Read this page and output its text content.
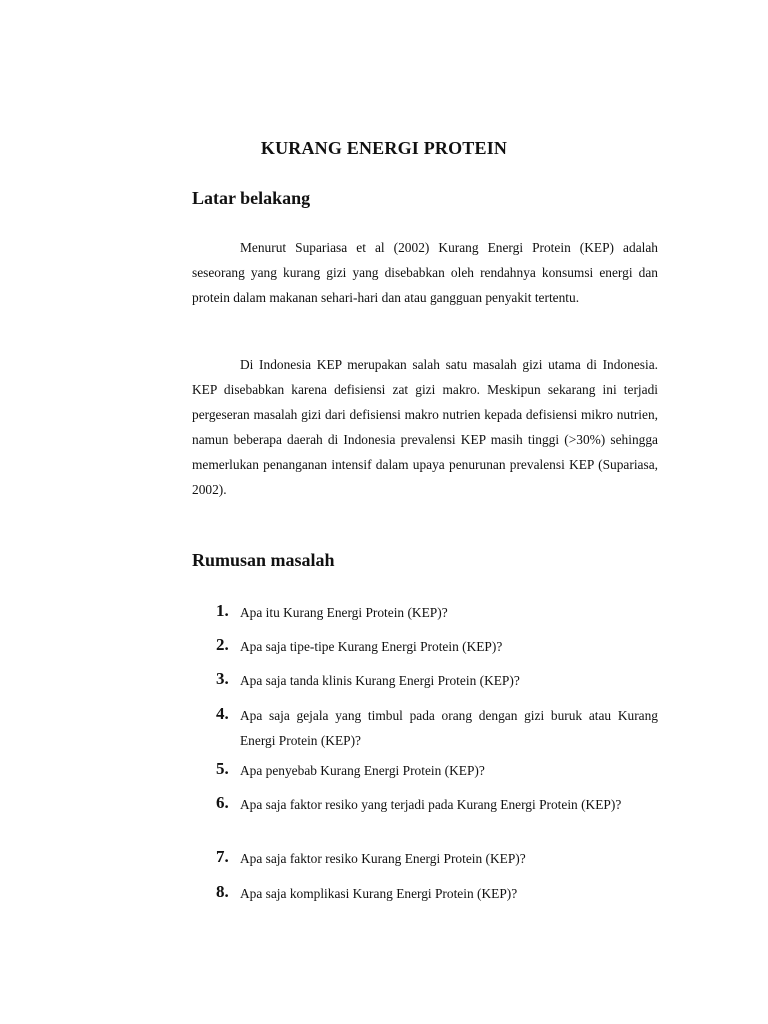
KURANG ENERGI PROTEIN
Latar belakang

Menurut Supariasa et al (2002) Kurang Energi Protein (KEP) adalah seseorang yang kurang gizi yang disebabkan oleh rendahnya konsumsi energi dan protein dalam makanan sehari-hari dan atau gangguan penyakit tertentu.

Di Indonesia KEP merupakan salah satu masalah gizi utama di Indonesia. KEP disebabkan karena defisiensi zat gizi makro. Meskipun sekarang ini terjadi pergeseran masalah gizi dari defisiensi makro nutrien kepada defisiensi mikro nutrien, namun beberapa daerah di Indonesia prevalensi KEP masih tinggi (>30%) sehingga memerlukan penanganan intensif dalam upaya penurunan prevalensi KEP (Supariasa, 2002).

Rumusan masalah
1. Apa itu Kurang Energi Protein (KEP)?
2. Apa saja tipe-tipe Kurang Energi Protein (KEP)?
3. Apa saja tanda klinis Kurang Energi Protein (KEP)?
4. Apa saja gejala yang timbul pada orang dengan gizi buruk atau Kurang Energi Protein (KEP)?
5. Apa penyebab Kurang Energi Protein (KEP)?
6. Apa saja faktor resiko yang terjadi pada Kurang Energi Protein (KEP)?
7. Apa saja faktor resiko Kurang Energi Protein (KEP)?
8. Apa saja komplikasi Kurang Energi Protein (KEP)?
